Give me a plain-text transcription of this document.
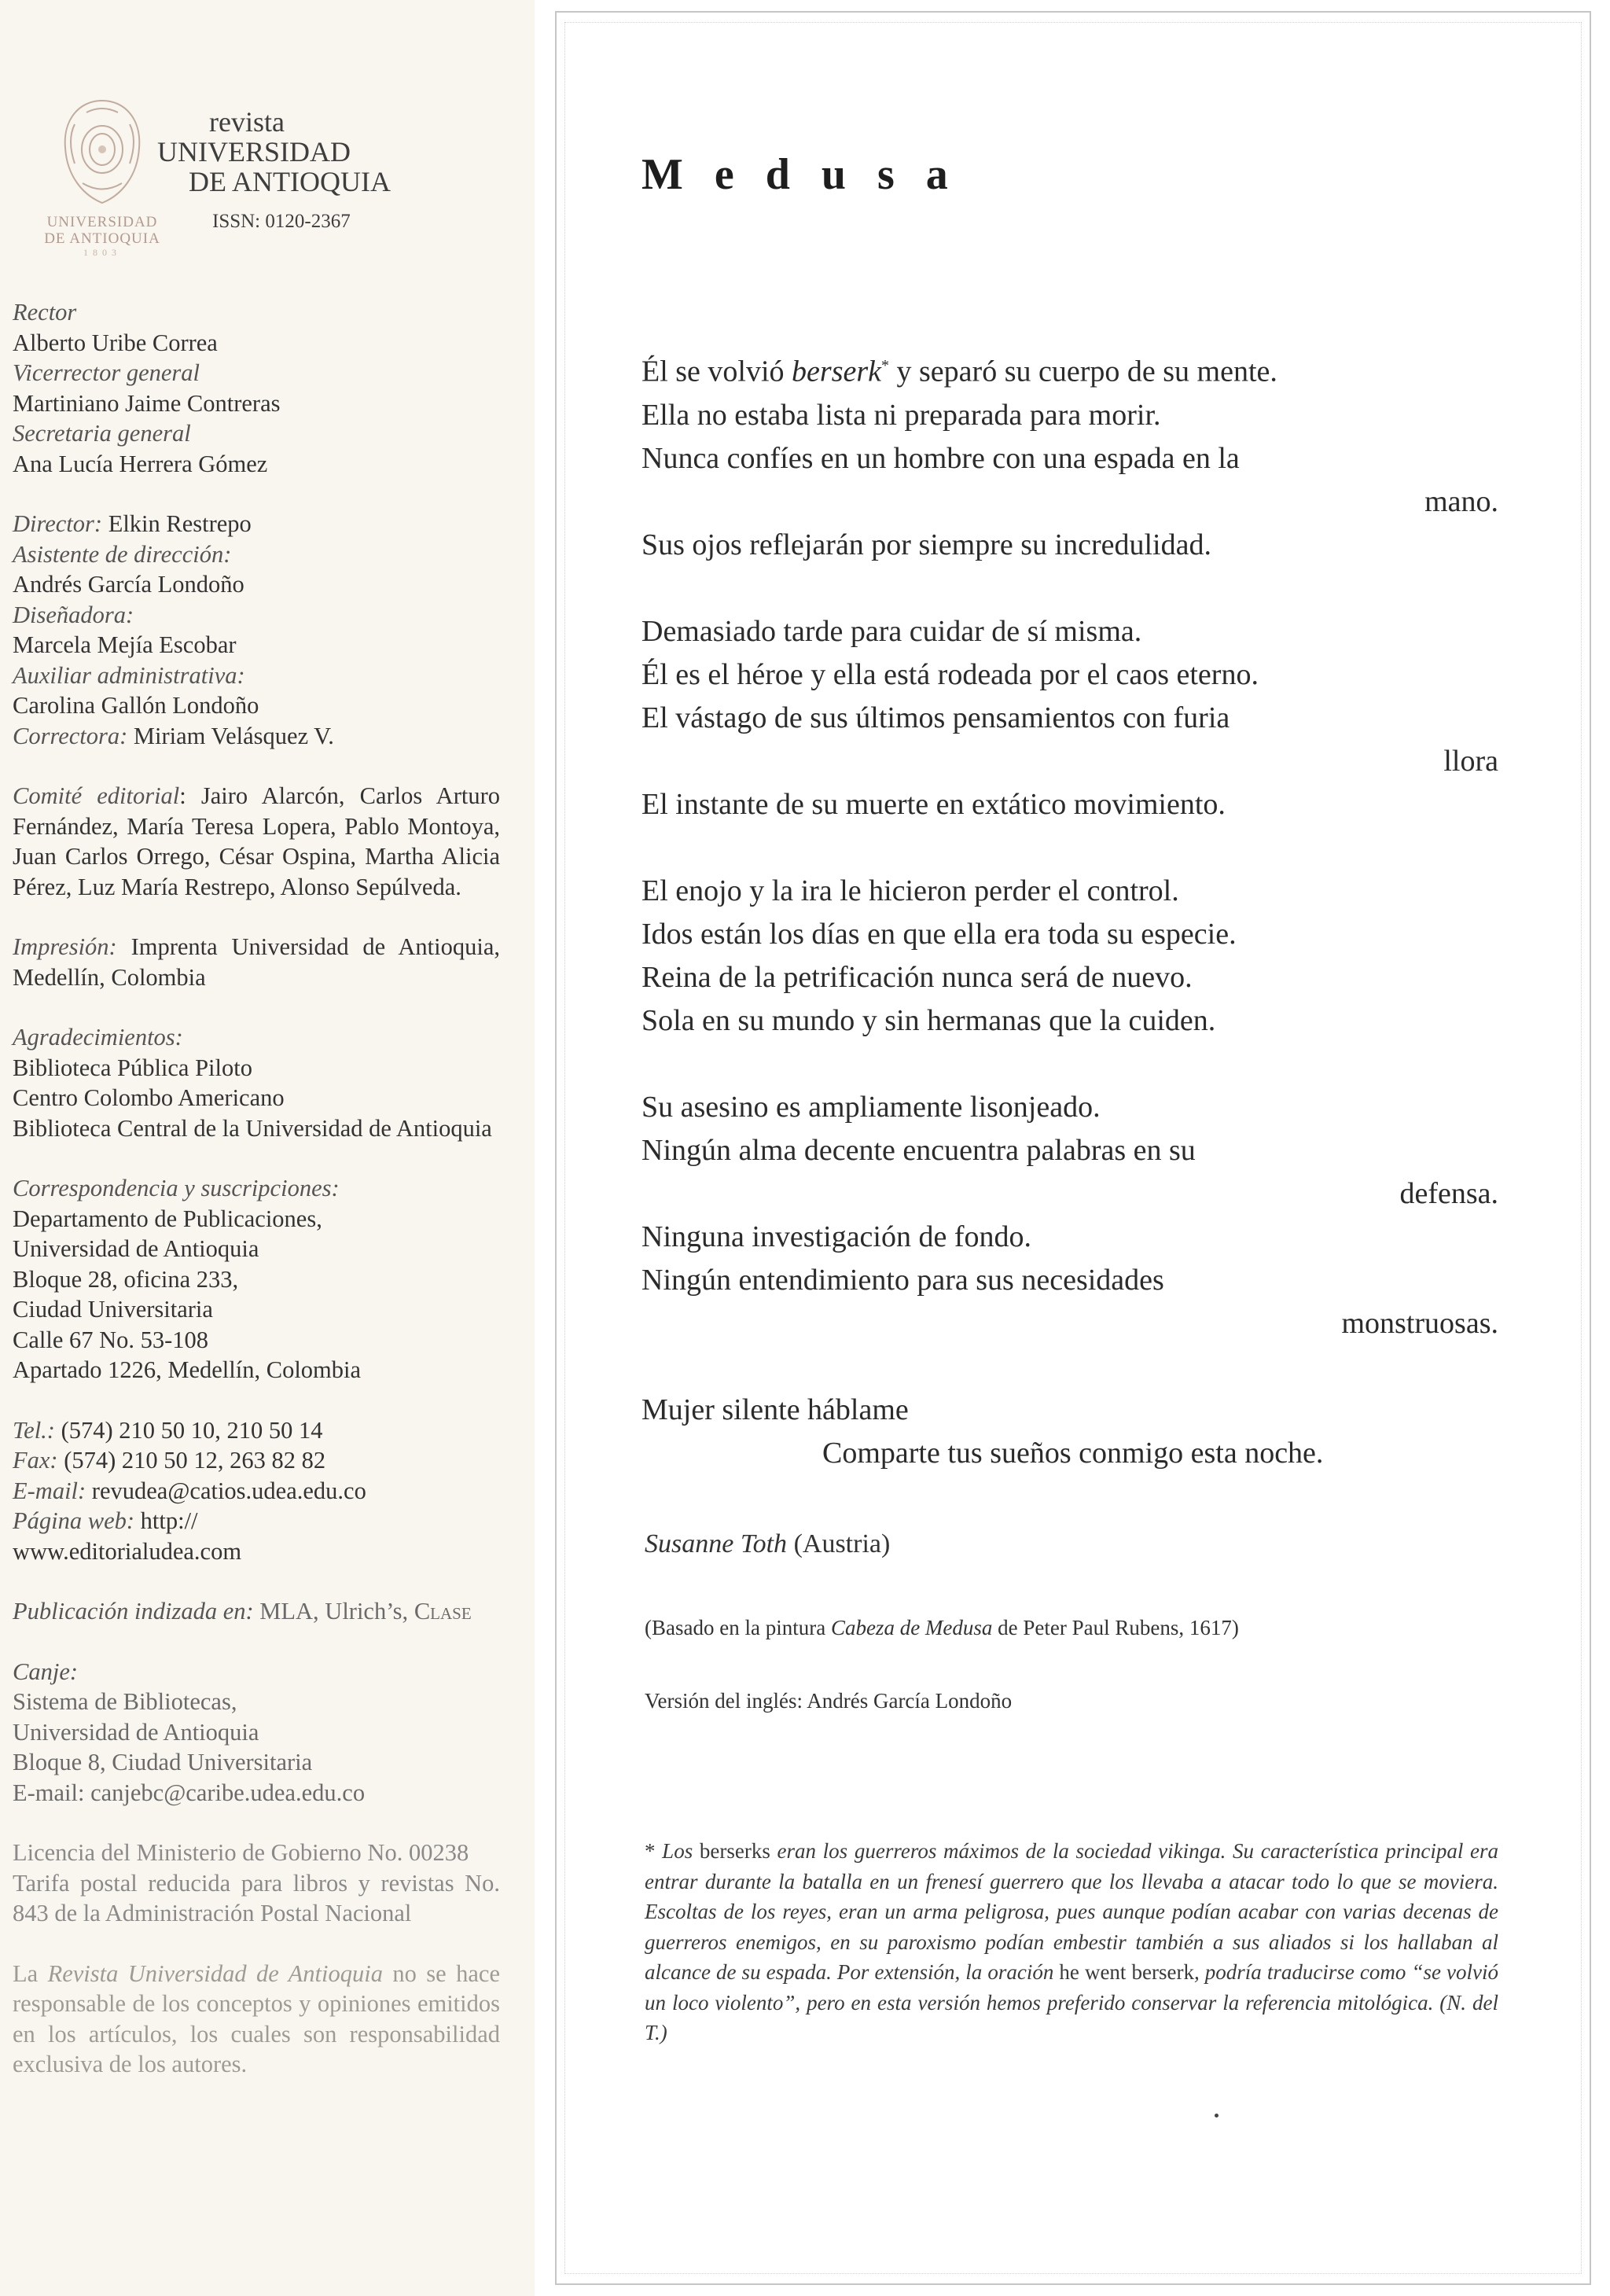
UNIVERSIDAD
DE ANTIOQUIA
1803
revista
UNIVERSIDAD
DE ANTIOQUIA
ISSN: 0120-2367
Rector
Alberto Uribe Correa
Vicerrector general
Martiniano Jaime Contreras
Secretaria general
Ana Lucía Herrera Gómez
Director: Elkin Restrepo
Asistente de dirección:
Andrés García Londoño
Diseñadora:
Marcela Mejía Escobar
Auxiliar administrativa:
Carolina Gallón Londoño
Correctora: Miriam Velásquez V.
Comité editorial: Jairo Alarcón, Carlos Arturo Fernández, María Teresa Lopera, Pablo Montoya, Juan Carlos Orrego, César Ospina, Martha Alicia Pérez, Luz María Restrepo, Alonso Sepúlveda.
Impresión: Imprenta Universidad de Antioquia, Medellín, Colombia
Agradecimientos:
Biblioteca Pública Piloto
Centro Colombo Americano
Biblioteca Central de la Universidad de Antioquia
Correspondencia y suscripciones:
Departamento de Publicaciones,
Universidad de Antioquia
Bloque 28, oficina 233,
Ciudad Universitaria
Calle 67 No. 53-108
Apartado 1226, Medellín, Colombia
Tel.: (574) 210 50 10, 210 50 14
Fax: (574) 210 50 12, 263 82 82
E-mail: revudea@catios.udea.edu.co
Página web: http://
www.editorialudea.com
Publicación indizada en: MLA, Ulrich’s, Clase
Canje:
Sistema de Bibliotecas,
Universidad de Antioquia
Bloque 8, Ciudad Universitaria
E-mail: canjebc@caribe.udea.edu.co
Licencia del Ministerio de Gobierno No. 00238
Tarifa postal reducida para libros y revistas No. 843 de la Administración Postal Nacional
La Revista Universidad de Antioquia no se hace responsable de los conceptos y opiniones emitidos en los artículos, los cuales son responsabilidad exclusiva de los autores.
Medusa
Él se volvió berserk* y separó su cuerpo de su mente.
Ella no estaba lista ni preparada para morir.
Nunca confíes en un hombre con una espada en la
mano.
Sus ojos reflejarán por siempre su incredulidad.
Demasiado tarde para cuidar de sí misma.
Él es el héroe y ella está rodeada por el caos eterno.
El vástago de sus últimos pensamientos con furia
llora
El instante de su muerte en extático movimiento.
El enojo y la ira le hicieron perder el control.
Idos están los días en que ella era toda su especie.
Reina de la petrificación nunca será de nuevo.
Sola en su mundo y sin hermanas que la cuiden.
Su asesino es ampliamente lisonjeado.
Ningún alma decente encuentra palabras en su
defensa.
Ninguna investigación de fondo.
Ningún entendimiento para sus necesidades
monstruosas.
Mujer silente háblame
Comparte tus sueños conmigo esta noche.
Susanne Toth (Austria)
(Basado en la pintura Cabeza de Medusa de Peter Paul Rubens, 1617)
Versión del inglés: Andrés García Londoño
* Los berserks eran los guerreros máximos de la sociedad vikinga. Su característica principal era entrar durante la batalla en un frenesí guerrero que los llevaba a atacar todo lo que se moviera. Escoltas de los reyes, eran un arma peligrosa, pues aunque podían acabar con varias decenas de guerreros enemigos, en su paroxismo podían embestir también a sus aliados si los hallaban al alcance de su espada. Por extensión, la oración he went berserk, podría traducirse como “se volvió un loco violento”, pero en esta versión hemos preferido conservar la referencia mitológica. (N. del T.)
